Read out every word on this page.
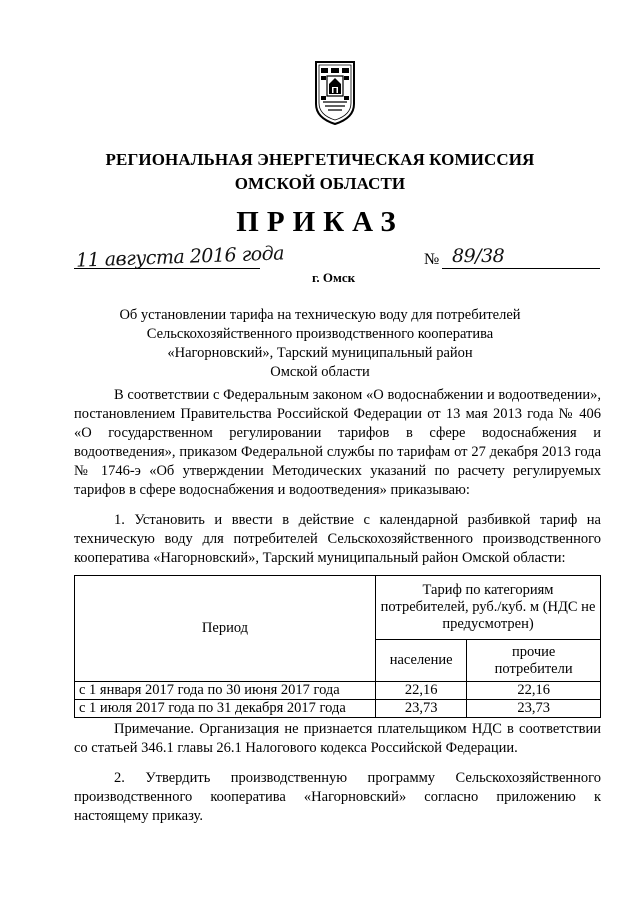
РЕГИОНАЛЬНАЯ ЭНЕРГЕТИЧЕСКАЯ КОМИССИЯ
ОМСКОЙ ОБЛАСТИ
ПРИКАЗ
11 августа 2016 года
г. Омск
№ 89/38
Об установлении тарифа на техническую воду для потребителей
Сельскохозяйственного производственного кооператива
«Нагорновский», Тарский муниципальный район
Омской области
В соответствии с Федеральным законом «О водоснабжении и водоотведении», постановлением Правительства Российской Федерации от 13 мая 2013 года № 406 «О государственном регулировании тарифов в сфере водоснабжения и водоотведения», приказом Федеральной службы по тарифам от 27 декабря 2013 года № 1746-э «Об утверждении Методических указаний по расчету регулируемых тарифов в сфере водоснабжения и водоотведения» приказываю:
1. Установить и ввести в действие с календарной разбивкой тариф на техническую воду для потребителей Сельскохозяйственного производственного кооператива «Нагорновский», Тарский муниципальный район Омской области:
Период	Тариф по категориям потребителей, руб./куб. м (НДС не предусмотрен)	
	население	прочие потребители
с 1 января 2017 года по 30 июня 2017 года	22,16	22,16
с 1 июля 2017 года по 31 декабря 2017 года	23,73	23,73
Примечание. Организация не признается плательщиком НДС в соответствии со статьей 346.1 главы 26.1 Налогового кодекса Российской Федерации.
2. Утвердить производственную программу Сельскохозяйственного производственного кооператива «Нагорновский» согласно приложению к настоящему приказу.
